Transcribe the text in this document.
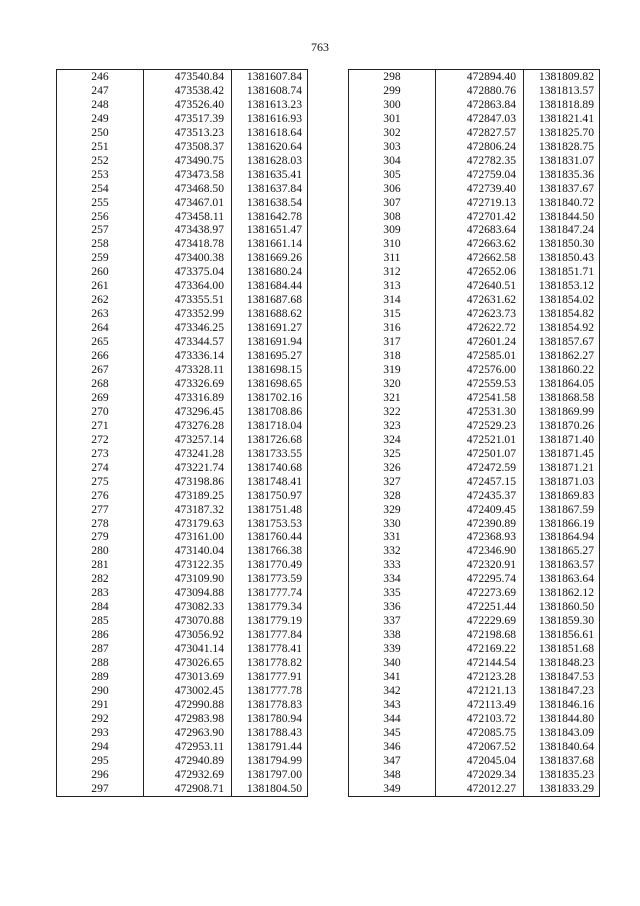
763
246	473540.84	1381607.84
247	473538.42	1381608.74
248	473526.40	1381613.23
249	473517.39	1381616.93
250	473513.23	1381618.64
251	473508.37	1381620.64
252	473490.75	1381628.03
253	473473.58	1381635.41
254	473468.50	1381637.84
255	473467.01	1381638.54
256	473458.11	1381642.78
257	473438.97	1381651.47
258	473418.78	1381661.14
259	473400.38	1381669.26
260	473375.04	1381680.24
261	473364.00	1381684.44
262	473355.51	1381687.68
263	473352.99	1381688.62
264	473346.25	1381691.27
265	473344.57	1381691.94
266	473336.14	1381695.27
267	473328.11	1381698.15
268	473326.69	1381698.65
269	473316.89	1381702.16
270	473296.45	1381708.86
271	473276.28	1381718.04
272	473257.14	1381726.68
273	473241.28	1381733.55
274	473221.74	1381740.68
275	473198.86	1381748.41
276	473189.25	1381750.97
277	473187.32	1381751.48
278	473179.63	1381753.53
279	473161.00	1381760.44
280	473140.04	1381766.38
281	473122.35	1381770.49
282	473109.90	1381773.59
283	473094.88	1381777.74
284	473082.33	1381779.34
285	473070.88	1381779.19
286	473056.92	1381777.84
287	473041.14	1381778.41
288	473026.65	1381778.82
289	473013.69	1381777.91
290	473002.45	1381777.78
291	472990.88	1381778.83
292	472983.98	1381780.94
293	472963.90	1381788.43
294	472953.11	1381791.44
295	472940.89	1381794.99
296	472932.69	1381797.00
297	472908.71	1381804.50
298	472894.40	1381809.82
299	472880.76	1381813.57
300	472863.84	1381818.89
301	472847.03	1381821.41
302	472827.57	1381825.70
303	472806.24	1381828.75
304	472782.35	1381831.07
305	472759.04	1381835.36
306	472739.40	1381837.67
307	472719.13	1381840.72
308	472701.42	1381844.50
309	472683.64	1381847.24
310	472663.62	1381850.30
311	472662.58	1381850.43
312	472652.06	1381851.71
313	472640.51	1381853.12
314	472631.62	1381854.02
315	472623.73	1381854.82
316	472622.72	1381854.92
317	472601.24	1381857.67
318	472585.01	1381862.27
319	472576.00	1381860.22
320	472559.53	1381864.05
321	472541.58	1381868.58
322	472531.30	1381869.99
323	472529.23	1381870.26
324	472521.01	1381871.40
325	472501.07	1381871.45
326	472472.59	1381871.21
327	472457.15	1381871.03
328	472435.37	1381869.83
329	472409.45	1381867.59
330	472390.89	1381866.19
331	472368.93	1381864.94
332	472346.90	1381865.27
333	472320.91	1381863.57
334	472295.74	1381863.64
335	472273.69	1381862.12
336	472251.44	1381860.50
337	472229.69	1381859.30
338	472198.68	1381856.61
339	472169.22	1381851.68
340	472144.54	1381848.23
341	472123.28	1381847.53
342	472121.13	1381847.23
343	472113.49	1381846.16
344	472103.72	1381844.80
345	472085.75	1381843.09
346	472067.52	1381840.64
347	472045.04	1381837.68
348	472029.34	1381835.23
349	472012.27	1381833.29
